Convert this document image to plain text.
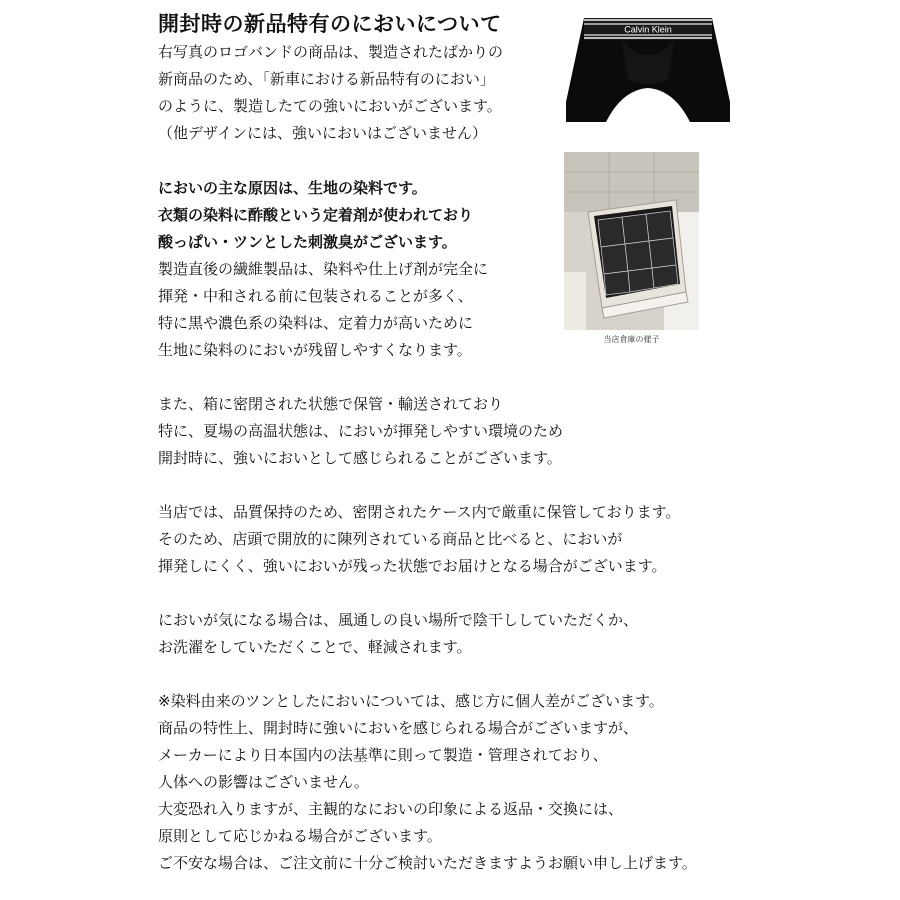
開封時の新品特有のにおいについて
右写真のロゴバンドの商品は、製造されたばかりの
新商品のため、「新車における新品特有のにおい」
のように、製造したての強いにおいがございます。
（他デザインには、強いにおいはございません）
においの主な原因は、生地の染料です。
衣類の染料に酢酸という定着剤が使われており
酸っぱい・ツンとした刺激臭がございます。
製造直後の繊維製品は、染料や仕上げ剤が完全に
揮発・中和される前に包装されることが多く、
特に黒や濃色系の染料は、定着力が高いために
生地に染料のにおいが残留しやすくなります。
また、箱に密閉された状態で保管・輸送されており
特に、夏場の高温状態は、においが揮発しやすい環境のため
開封時に、強いにおいとして感じられることがございます。
当店では、品質保持のため、密閉されたケース内で厳重に保管しております。
そのため、店頭で開放的に陳列されている商品と比べると、においが
揮発しにくく、強いにおいが残った状態でお届けとなる場合がございます。
においが気になる場合は、風通しの良い場所で陰干ししていただくか、
お洗濯をしていただくことで、軽減されます。
※染料由来のツンとしたにおいについては、感じ方に個人差がございます。
商品の特性上、開封時に強いにおいを感じられる場合がございますが、
メーカーにより日本国内の法基準に則って製造・管理されており、
人体への影響はございません。
大変恐れ入りますが、主観的なにおいの印象による返品・交換には、
原則として応じかねる場合がございます。
ご不安な場合は、ご注文前に十分ご検討いただきますようお願い申し上げます。
Calvin Klein
当店倉庫の様子
